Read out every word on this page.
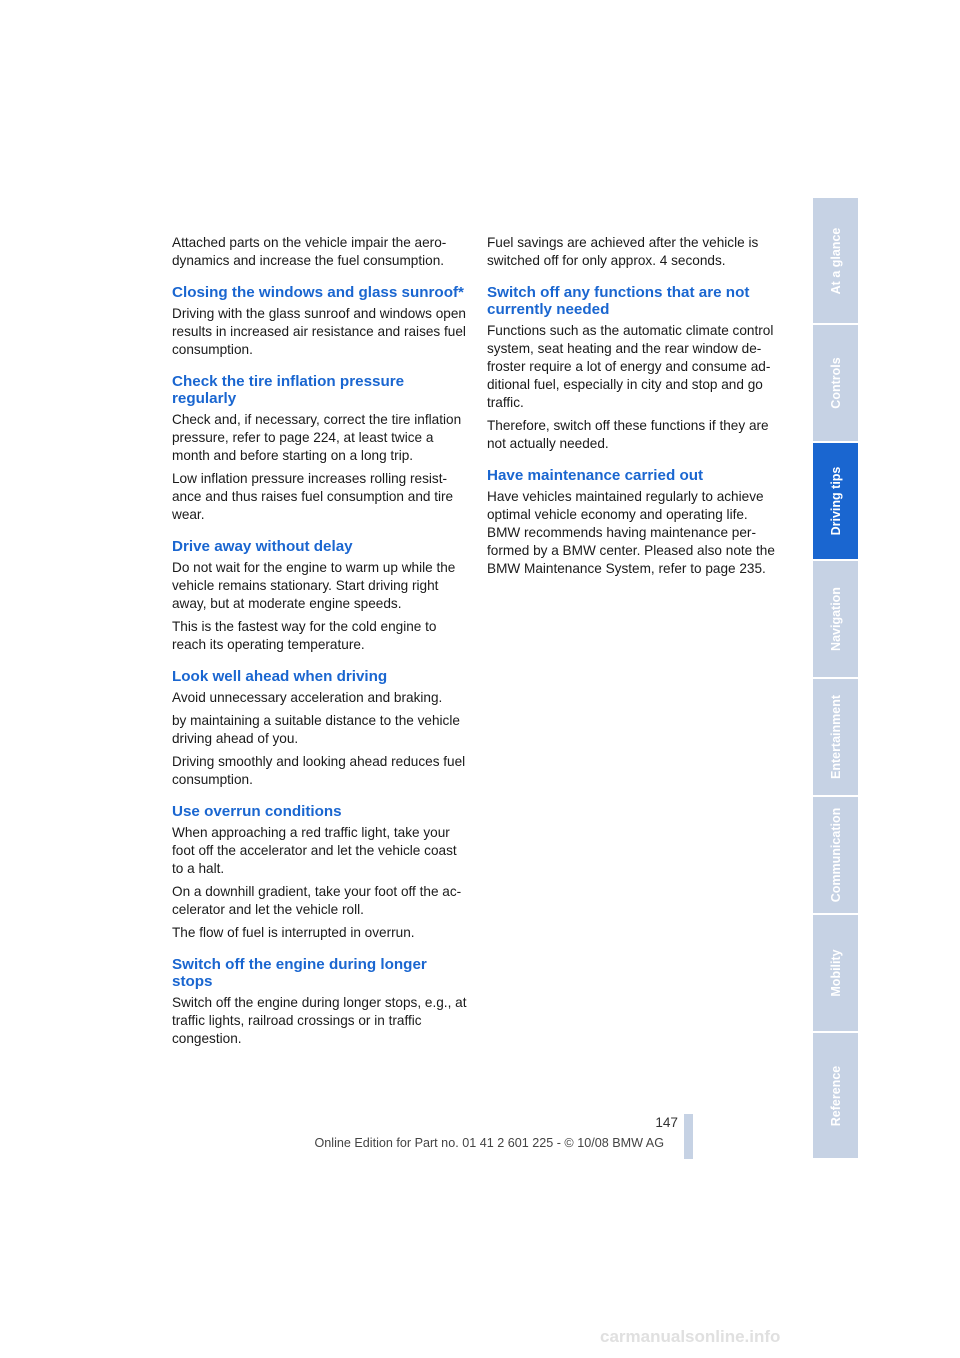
Attached parts on the vehicle impair the aero-dynamics and increase the fuel consumption.

Closing the windows and glass sunroof*

Driving with the glass sunroof and windows open results in increased air resistance and raises fuel consumption.

Check the tire inflation pressure regularly

Check and, if necessary, correct the tire inflation pressure, refer to page 224, at least twice a month and before starting on a long trip.

Low inflation pressure increases rolling resist-ance and thus raises fuel consumption and tire wear.

Drive away without delay

Do not wait for the engine to warm up while the vehicle remains stationary. Start driving right away, but at moderate engine speeds.

This is the fastest way for the cold engine to reach its operating temperature.

Look well ahead when driving

Avoid unnecessary acceleration and braking.

by maintaining a suitable distance to the vehicle driving ahead of you.

Driving smoothly and looking ahead reduces fuel consumption.

Use overrun conditions

When approaching a red traffic light, take your foot off the accelerator and let the vehicle coast to a halt.

On a downhill gradient, take your foot off the ac-celerator and let the vehicle roll.

The flow of fuel is interrupted in overrun.

Switch off the engine during longer stops

Switch off the engine during longer stops, e.g., at traffic lights, railroad crossings or in traffic congestion.

Fuel savings are achieved after the vehicle is switched off for only approx. 4 seconds.

Switch off any functions that are not currently needed

Functions such as the automatic climate control system, seat heating and the rear window de-froster require a lot of energy and consume ad-ditional fuel, especially in city and stop and go traffic.

Therefore, switch off these functions if they are not actually needed.

Have maintenance carried out

Have vehicles maintained regularly to achieve optimal vehicle economy and operating life. BMW recommends having maintenance per-formed by a BMW center. Pleased also note the BMW Maintenance System, refer to page 235.

At a glance
Controls
Driving tips
Navigation
Entertainment
Communication
Mobility
Reference
147
Online Edition for Part no. 01 41 2 601 225 - © 10/08 BMW AG
carmanualsonline.info
